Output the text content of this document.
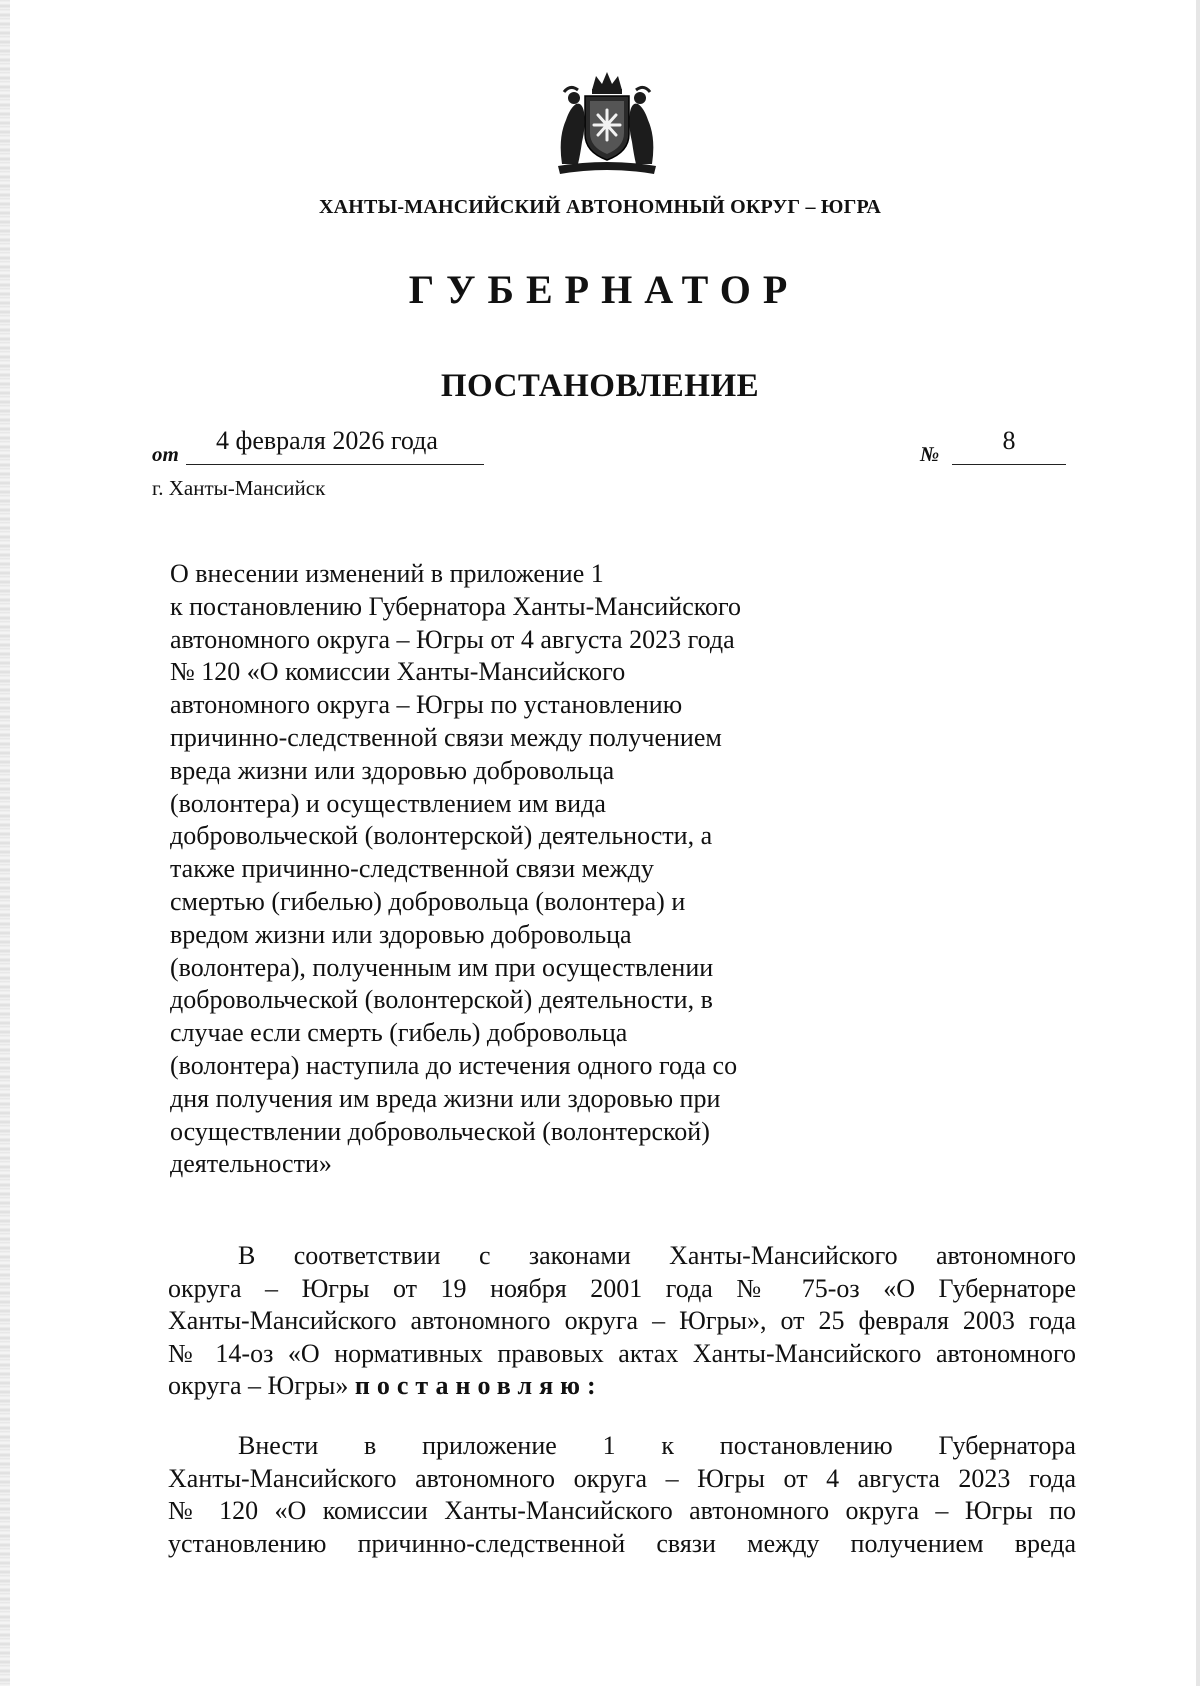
ХАНТЫ-МАНСИЙСКИЙ АВТОНОМНЫЙ ОКРУГ – ЮГРА
ГУБЕРНАТОР
ПОСТАНОВЛЕНИЕ
от 4 февраля 2026 года	№	8
г. Ханты-Мансийск
О внесении изменений в приложение 1
к постановлению Губернатора Ханты-Мансийского
автономного округа – Югры от 4 августа 2023 года
№ 120 «О комиссии Ханты-Мансийского
автономного округа – Югры по установлению
причинно-следственной связи между получением
вреда жизни или здоровью добровольца
(волонтера) и осуществлением им вида
добровольческой (волонтерской) деятельности, а
также причинно-следственной связи между
смертью (гибелью) добровольца (волонтера) и
вредом жизни или здоровью добровольца
(волонтера), полученным им при осуществлении
добровольческой (волонтерской) деятельности, в
случае если смерть (гибель) добровольца
(волонтера) наступила до истечения одного года со
дня получения им вреда жизни или здоровью при
осуществлении добровольческой (волонтерской)
деятельности»
В соответствии с законами Ханты-Мансийского автономного
округа – Югры от 19 ноября 2001 года № 75-оз «О Губернаторе
Ханты-Мансийского автономного округа – Югры», от 25 февраля 2003 года
№ 14-оз «О нормативных правовых актах Ханты-Мансийского автономного
округа – Югры» постановляю:
Внести в приложение 1 к постановлению Губернатора
Ханты-Мансийского автономного округа – Югры от 4 августа 2023 года
№ 120 «О комиссии Ханты-Мансийского автономного округа – Югры по
установлению причинно-следственной связи между получением вреда
